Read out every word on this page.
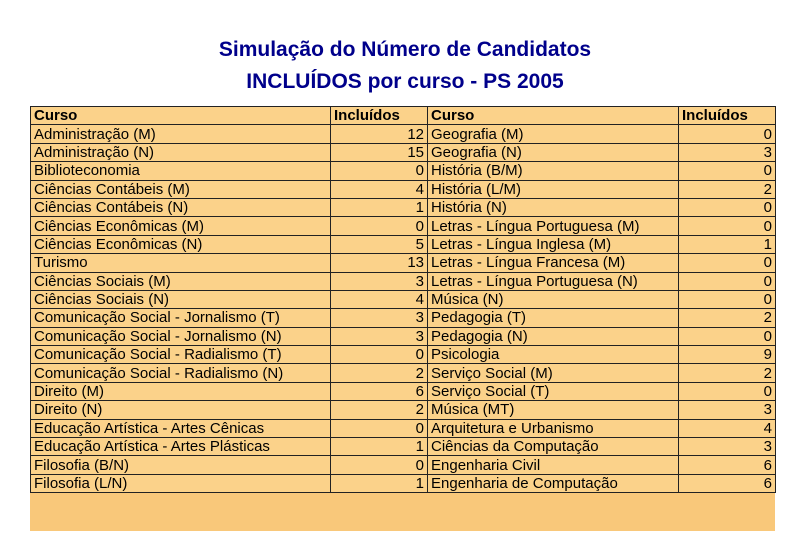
Simulação do Número de Candidatos
INCLUÍDOS por curso - PS 2005
Curso	Incluídos	Curso	Incluídos
Administração (M)	12	Geografia (M)	0
Administração (N)	15	Geografia (N)	3
Biblioteconomia	0	História (B/M)	0
Ciências Contábeis (M)	4	História (L/M)	2
Ciências Contábeis (N)	1	História (N)	0
Ciências Econômicas (M)	0	Letras - Língua Portuguesa (M)	0
Ciências Econômicas (N)	5	Letras - Língua Inglesa (M)	1
Turismo	13	Letras - Língua Francesa (M)	0
Ciências Sociais (M)	3	Letras - Língua Portuguesa (N)	0
Ciências Sociais (N)	4	Música (N)	0
Comunicação Social - Jornalismo (T)	3	Pedagogia (T)	2
Comunicação Social - Jornalismo (N)	3	Pedagogia (N)	0
Comunicação Social - Radialismo (T)	0	Psicologia	9
Comunicação Social - Radialismo (N)	2	Serviço Social (M)	2
Direito (M)	6	Serviço Social (T)	0
Direito (N)	2	Música (MT)	3
Educação Artística - Artes Cênicas	0	Arquitetura e Urbanismo	4
Educação Artística - Artes Plásticas	1	Ciências da Computação	3
Filosofia (B/N)	0	Engenharia Civil	6
Filosofia (L/N)	1	Engenharia de Computação	6
